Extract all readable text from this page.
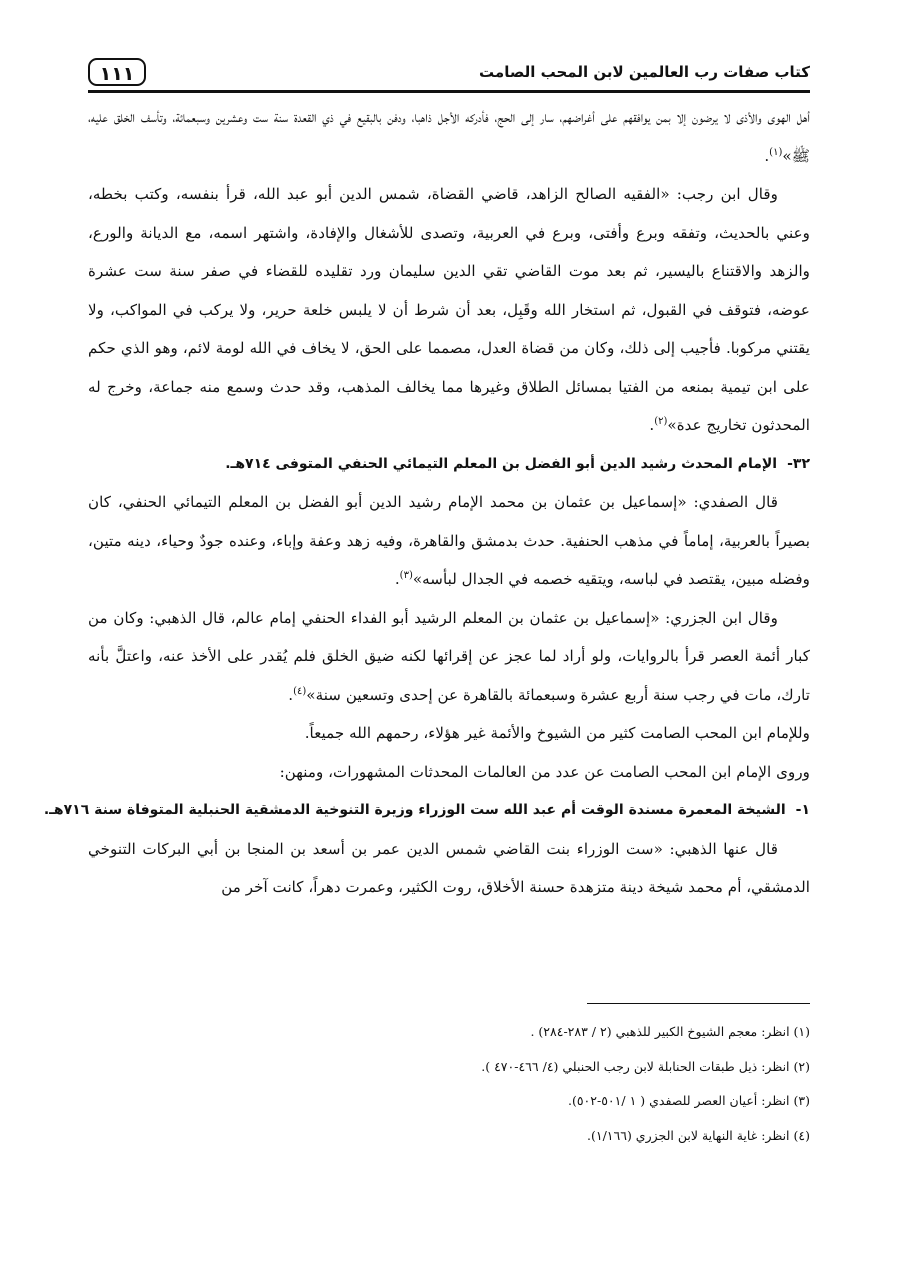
١١١	كتاب صفات رب العالمين لابن المحب الصامت

أهل الهوى والأذى لا يرضون إلا بمن يوافقهم على أغراضهم، سار إلى الحج، فأدركه الأجل ذاهبا، ودفن بالبقيع في ذي القعدة سنة ست وعشرين وسبعمائة، وتأسف الخلق عليه، ﷺ»$^{(١)}$.

وقال ابن رجب: «الفقيه الصالح الزاهد، قاضي القضاة، شمس الدين أبو عبد الله، قرأ بنفسه، وكتب بخطه، وعني بالحديث، وتفقه وبرع وأفتى، وبرع في العربية، وتصدى للأشغال والإفادة، واشتهر اسمه، مع الديانة والورع، والزهد والاقتناع باليسير، ثم بعد موت القاضي تقي الدين سليمان ورد تقليده للقضاء في صفر سنة ست عشرة عوضه، فتوقف في القبول، ثم استخار الله وقَبِل، بعد أن شرط أن لا يلبس خلعة حرير، ولا يركب في المواكب، ولا يقتني مركوبا. فأجيب إلى ذلك، وكان من قضاة العدل، مصمما على الحق، لا يخاف في الله لومة لائم، وهو الذي حكم على ابن تيمية بمنعه من الفتيا بمسائل الطلاق وغيرها مما يخالف المذهب، وقد حدث وسمع منه جماعة، وخرج له المحدثون تخاريج عدة»$^{(٢)}$.

٣٢-الإمام المحدث رشيد الدين أبو الفضل بن المعلم التيمائي الحنفي المتوفى ٧١٤هـ.

قال الصفدي: «إسماعيل بن عثمان بن محمد الإمام رشيد الدين أبو الفضل بن المعلم التيمائي الحنفي، كان بصيراً بالعربية، إماماً في مذهب الحنفية. حدث بدمشق والقاهرة، وفيه زهد وعفة وإباء، وعنده جودٌ وحياء، دينه متين، وفضله مبين، يقتصد في لباسه، ويتقيه خصمه في الجدال لبأسه»$^{(٣)}$.

وقال ابن الجزري: «إسماعيل بن عثمان بن المعلم الرشيد أبو الفداء الحنفي إمام عالم، قال الذهبي: وكان من كبار أئمة العصر قرأ بالروايات، ولو أراد لما عجز عن إقرائها لكنه ضيق الخلق فلم يُقدر على الأخذ عنه، واعتلَّ بأنه تارك، مات في رجب سنة أربع عشرة وسبعمائة بالقاهرة عن إحدى وتسعين سنة»$^{(٤)}$.

وللإمام ابن المحب الصامت كثير من الشيوخ والأئمة غير هؤلاء، رحمهم الله جميعاً.

وروى الإمام ابن المحب الصامت عن عدد من العالمات المحدثات المشهورات، ومنهن:

١-الشيخة المعمرة مسندة الوقت أم عبد الله ست الوزراء وزيرة التنوخية الدمشقية الحنبلية المتوفاة سنة ٧١٦هـ.

قال عنها الذهبي: «ست الوزراء بنت القاضي شمس الدين عمر بن أسعد بن المنجا بن أبي البركات التنوخي الدمشقي، أم محمد شيخة دينة متزهدة حسنة الأخلاق، روت الكثير، وعمرت دهراً، كانت آخر من

(١) انظر: معجم الشيوخ الكبير للذهبي (٢ / ٢٨٣-٢٨٤) .
(٢) انظر: ذيل طبقات الحنابلة لابن رجب الحنبلي (٤/ ٤٦٦-٤٧٠ ).
(٣) انظر: أعيان العصر للصفدي ( ١ /٥٠١-٥٠٢).
(٤) انظر: غاية النهاية لابن الجزري (١/١٦٦).
